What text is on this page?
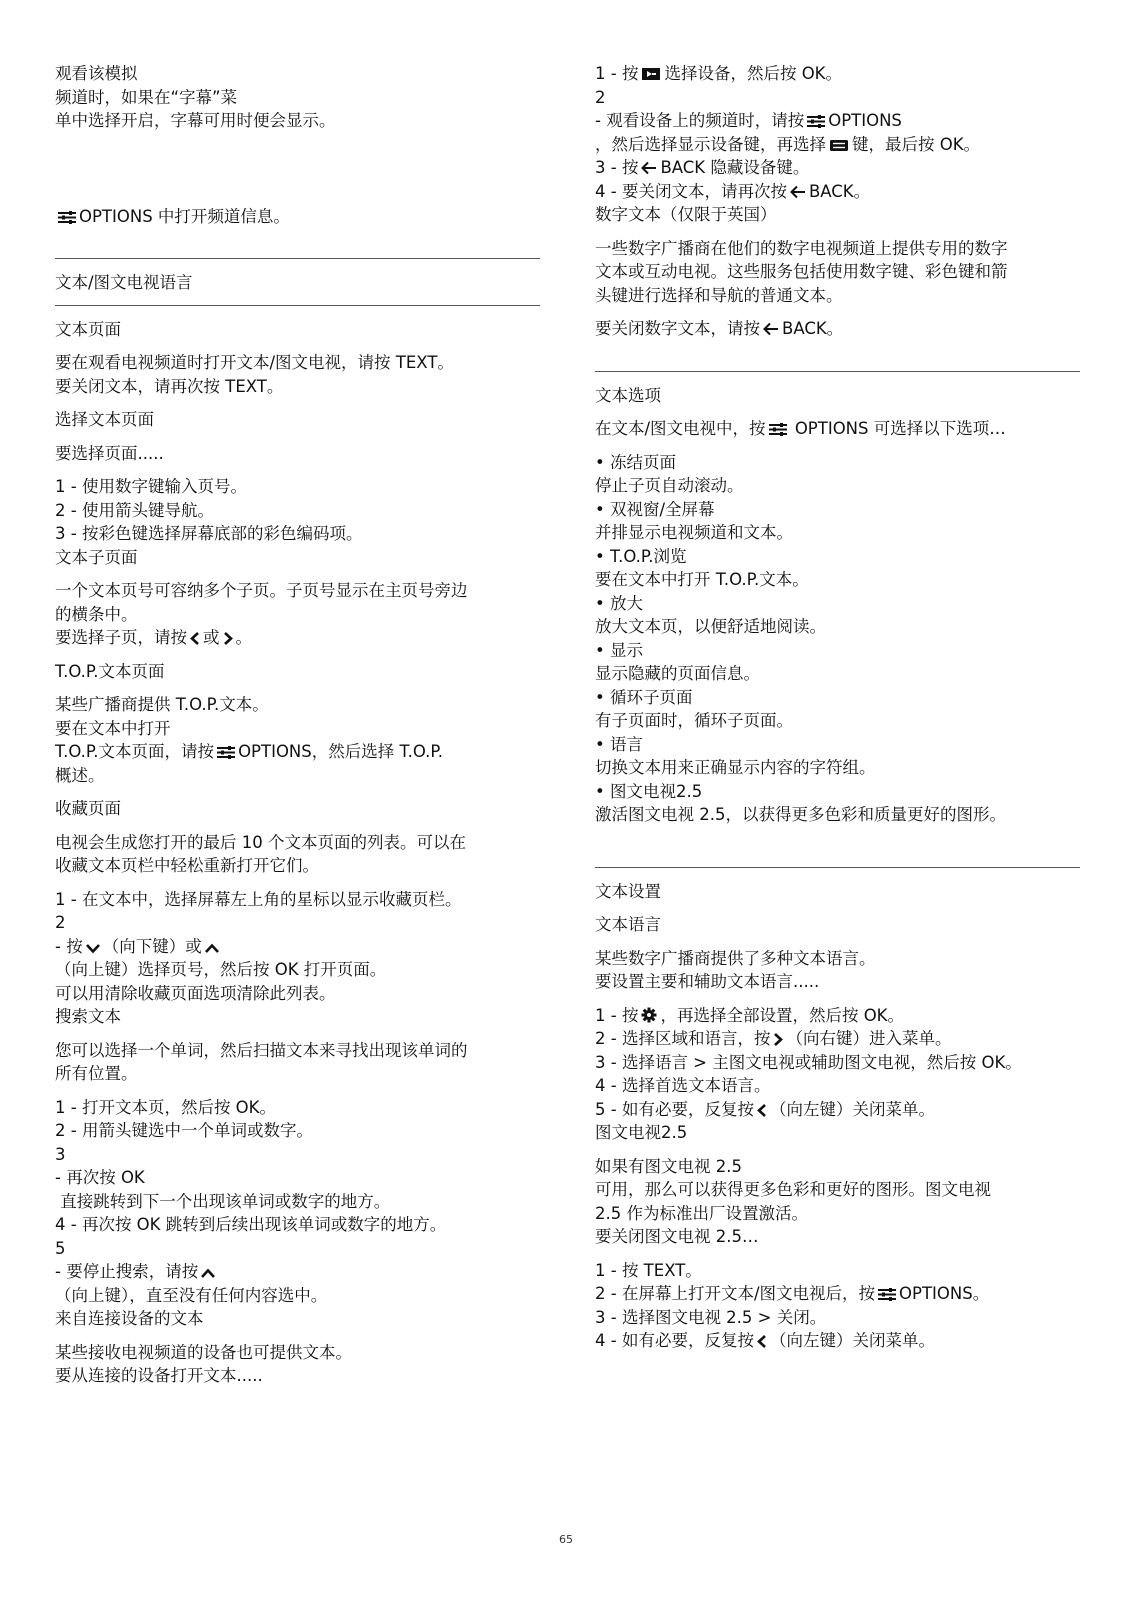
观看该模拟
频道时，如果在“字幕”菜
单中选择开启，字幕可用时便会显示。
OPTIONS 中打开频道信息。
文本/图文电视语言
文本页面
要在观看电视频道时打开文本/图文电视，请按 TEXT。
要关闭文本，请再次按 TEXT。
选择文本页面
要选择页面.....
1 - 使用数字键输入页号。
2 - 使用箭头键导航。
3 - 按彩色键选择屏幕底部的彩色编码项。
文本子页面
一个文本页号可容纳多个子页。子页号显示在主页号旁边
的横条中。
要选择子页，请按 或 。
T.O.P.文本页面
某些广播商提供 T.O.P.文本。
要在文本中打开
T.O.P.文本页面，请按 OPTIONS，然后选择 T.O.P.
概述。
收藏页面
电视会生成您打开的最后 10 个文本页面的列表。可以在
收藏文本页栏中轻松重新打开它们。
1 - 在文本中，选择屏幕左上角的星标以显示收藏页栏。
2
- 按 （向下键）或
（向上键）选择页号，然后按 OK 打开页面。
可以用清除收藏页面选项清除此列表。
搜索文本
您可以选择一个单词，然后扫描文本来寻找出现该单词的
所有位置。
1 - 打开文本页，然后按 OK。
2 - 用箭头键选中一个单词或数字。
3
- 再次按 OK
直接跳转到下一个出现该单词或数字的地方。
4 - 再次按 OK 跳转到后续出现该单词或数字的地方。
5
- 要停止搜索，请按
（向上键），直至没有任何内容选中。
来自连接设备的文本
某些接收电视频道的设备也可提供文本。
要从连接的设备打开文本.....
1 - 按 选择设备，然后按 OK。
2
- 观看设备上的频道时，请按 OPTIONS
，然后选择显示设备键，再选择 键，最后按 OK。
3 - 按 BACK 隐藏设备键。
4 - 要关闭文本，请再次按 BACK。
数字文本（仅限于英国）
一些数字广播商在他们的数字电视频道上提供专用的数字
文本或互动电视。这些服务包括使用数字键、彩色键和箭
头键进行选择和导航的普通文本。
要关闭数字文本，请按 BACK。
文本选项
在文本/图文电视中，按 OPTIONS 可选择以下选项…
• 冻结页面
停止子页自动滚动。
• 双视窗/全屏幕
并排显示电视频道和文本。
• T.O.P.浏览
要在文本中打开 T.O.P.文本。
• 放大
放大文本页，以便舒适地阅读。
• 显示
显示隐藏的页面信息。
• 循环子页面
有子页面时，循环子页面。
• 语言
切换文本用来正确显示内容的字符组。
• 图文电视2.5
激活图文电视 2.5，以获得更多色彩和质量更好的图形。
文本设置
文本语言
某些数字广播商提供了多种文本语言。
要设置主要和辅助文本语言.....
1 - 按 ，再选择全部设置，然后按 OK。
2 - 选择区域和语言，按 （向右键）进入菜单。
3 - 选择语言 > 主图文电视或辅助图文电视，然后按 OK。
4 - 选择首选文本语言。
5 - 如有必要，反复按 （向左键）关闭菜单。
图文电视2.5
如果有图文电视 2.5
可用，那么可以获得更多色彩和更好的图形。图文电视
2.5 作为标准出厂设置激活。
要关闭图文电视 2.5…
1 - 按 TEXT。
2 - 在屏幕上打开文本/图文电视后，按 OPTIONS。
3 - 选择图文电视 2.5 > 关闭。
4 - 如有必要，反复按 （向左键）关闭菜单。
65
